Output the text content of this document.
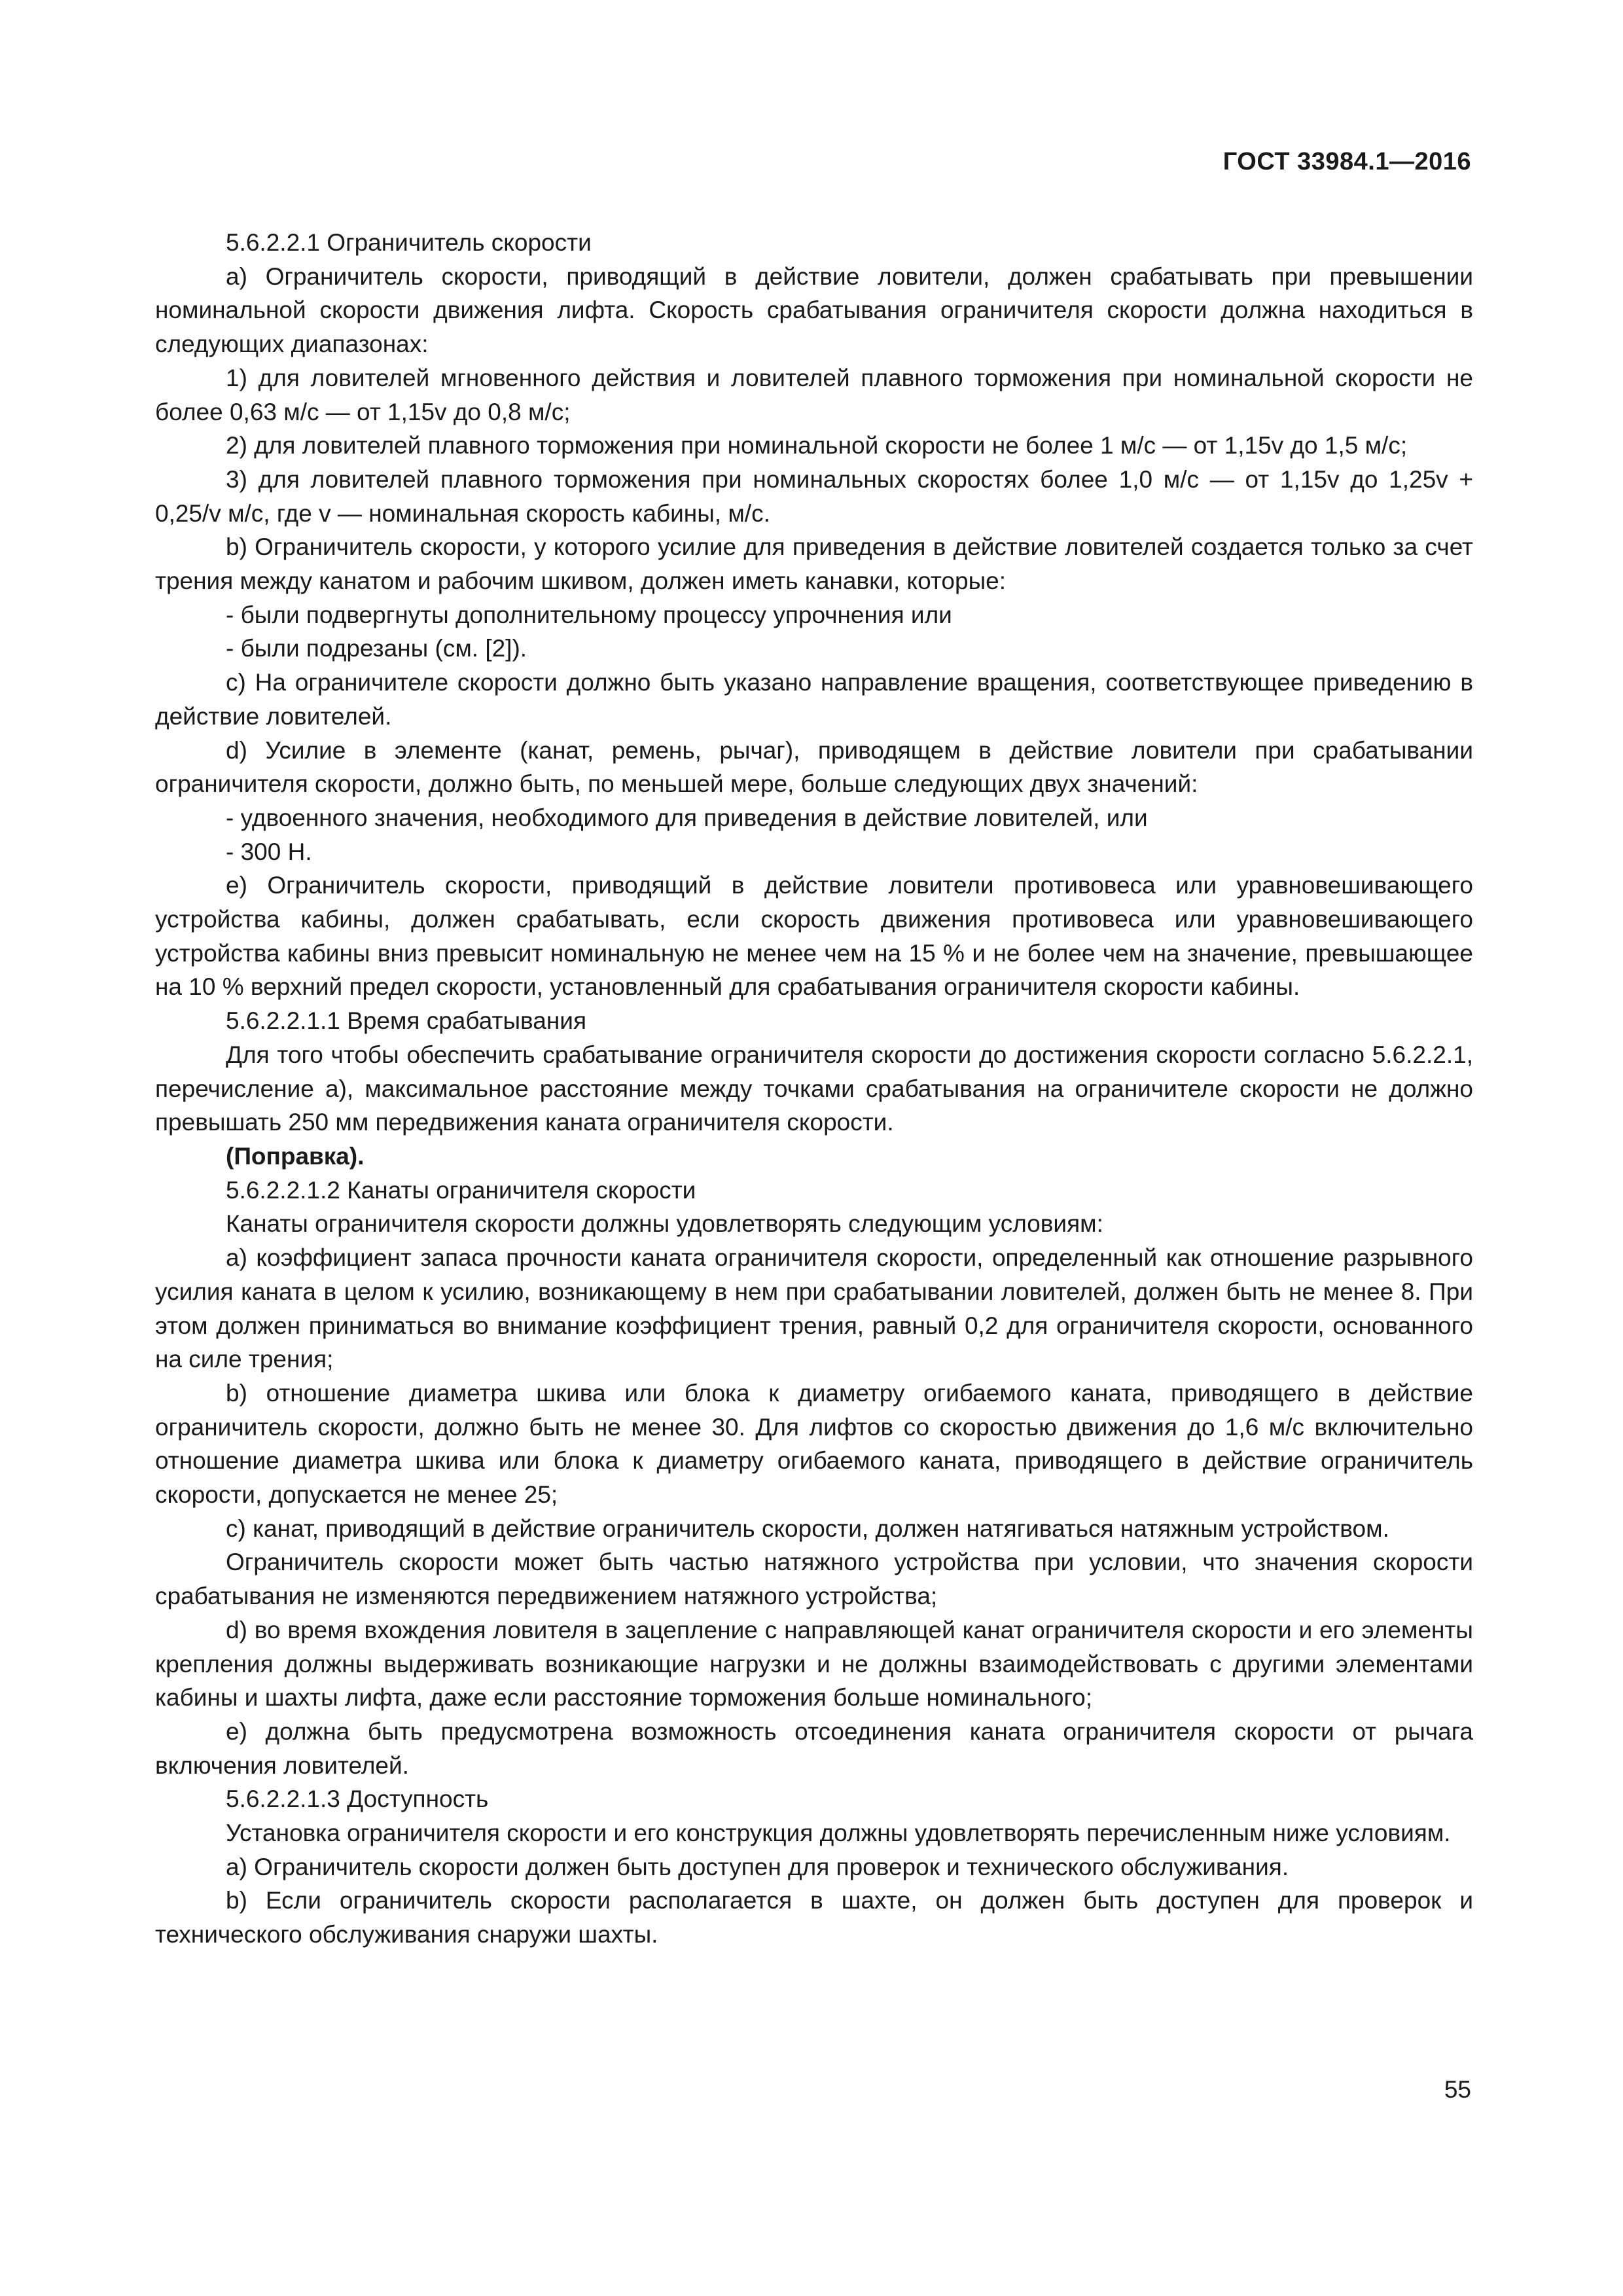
ГОСТ 33984.1—2016

5.6.2.2.1 Ограничитель скорости

a) Ограничитель скорости, приводящий в действие ловители, должен срабатывать при превышении номинальной скорости движения лифта. Скорость срабатывания ограничителя скорости должна находиться в следующих диапазонах:

1) для ловителей мгновенного действия и ловителей плавного торможения при номинальной скорости не более 0,63 м/с — от 1,15v до 0,8 м/с;

2) для ловителей плавного торможения при номинальной скорости не более 1 м/с — от 1,15v до 1,5 м/с;

3) для ловителей плавного торможения при номинальных скоростях более 1,0 м/с — от 1,15v до 1,25v + 0,25/v м/с, где v — номинальная скорость кабины, м/с.

b) Ограничитель скорости, у которого усилие для приведения в действие ловителей создается только за счет трения между канатом и рабочим шкивом, должен иметь канавки, которые:

- были подвергнуты дополнительному процессу упрочнения или

- были подрезаны (см. [2]).

c) На ограничителе скорости должно быть указано направление вращения, соответствующее приведению в действие ловителей.

d) Усилие в элементе (канат, ремень, рычаг), приводящем в действие ловители при срабатывании ограничителя скорости, должно быть, по меньшей мере, больше следующих двух значений:

- удвоенного значения, необходимого для приведения в действие ловителей, или

- 300 Н.

e) Ограничитель скорости, приводящий в действие ловители противовеса или уравновешивающего устройства кабины, должен срабатывать, если скорость движения противовеса или уравновешивающего устройства кабины вниз превысит номинальную не менее чем на 15 % и не более чем на значение, превышающее на 10 % верхний предел скорости, установленный для срабатывания ограничителя скорости кабины.

5.6.2.2.1.1 Время срабатывания

Для того чтобы обеспечить срабатывание ограничителя скорости до достижения скорости согласно 5.6.2.2.1, перечисление а), максимальное расстояние между точками срабатывания на ограничителе скорости не должно превышать 250 мм передвижения каната ограничителя скорости.

(Поправка).

5.6.2.2.1.2 Канаты ограничителя скорости

Канаты ограничителя скорости должны удовлетворять следующим условиям:

a) коэффициент запаса прочности каната ограничителя скорости, определенный как отношение разрывного усилия каната в целом к усилию, возникающему в нем при срабатывании ловителей, должен быть не менее 8. При этом должен приниматься во внимание коэффициент трения, равный 0,2 для ограничителя скорости, основанного на силе трения;

b) отношение диаметра шкива или блока к диаметру огибаемого каната, приводящего в действие ограничитель скорости, должно быть не менее 30. Для лифтов со скоростью движения до 1,6 м/с включительно отношение диаметра шкива или блока к диаметру огибаемого каната, приводящего в действие ограничитель скорости, допускается не менее 25;

c) канат, приводящий в действие ограничитель скорости, должен натягиваться натяжным устройством.

Ограничитель скорости может быть частью натяжного устройства при условии, что значения скорости срабатывания не изменяются передвижением натяжного устройства;

d) во время вхождения ловителя в зацепление с направляющей канат ограничителя скорости и его элементы крепления должны выдерживать возникающие нагрузки и не должны взаимодействовать с другими элементами кабины и шахты лифта, даже если расстояние торможения больше номинального;

e) должна быть предусмотрена возможность отсоединения каната ограничителя скорости от рычага включения ловителей.

5.6.2.2.1.3 Доступность

Установка ограничителя скорости и его конструкция должны удовлетворять перечисленным ниже условиям.

a) Ограничитель скорости должен быть доступен для проверок и технического обслуживания.

b) Если ограничитель скорости располагается в шахте, он должен быть доступен для проверок и технического обслуживания снаружи шахты.

55
